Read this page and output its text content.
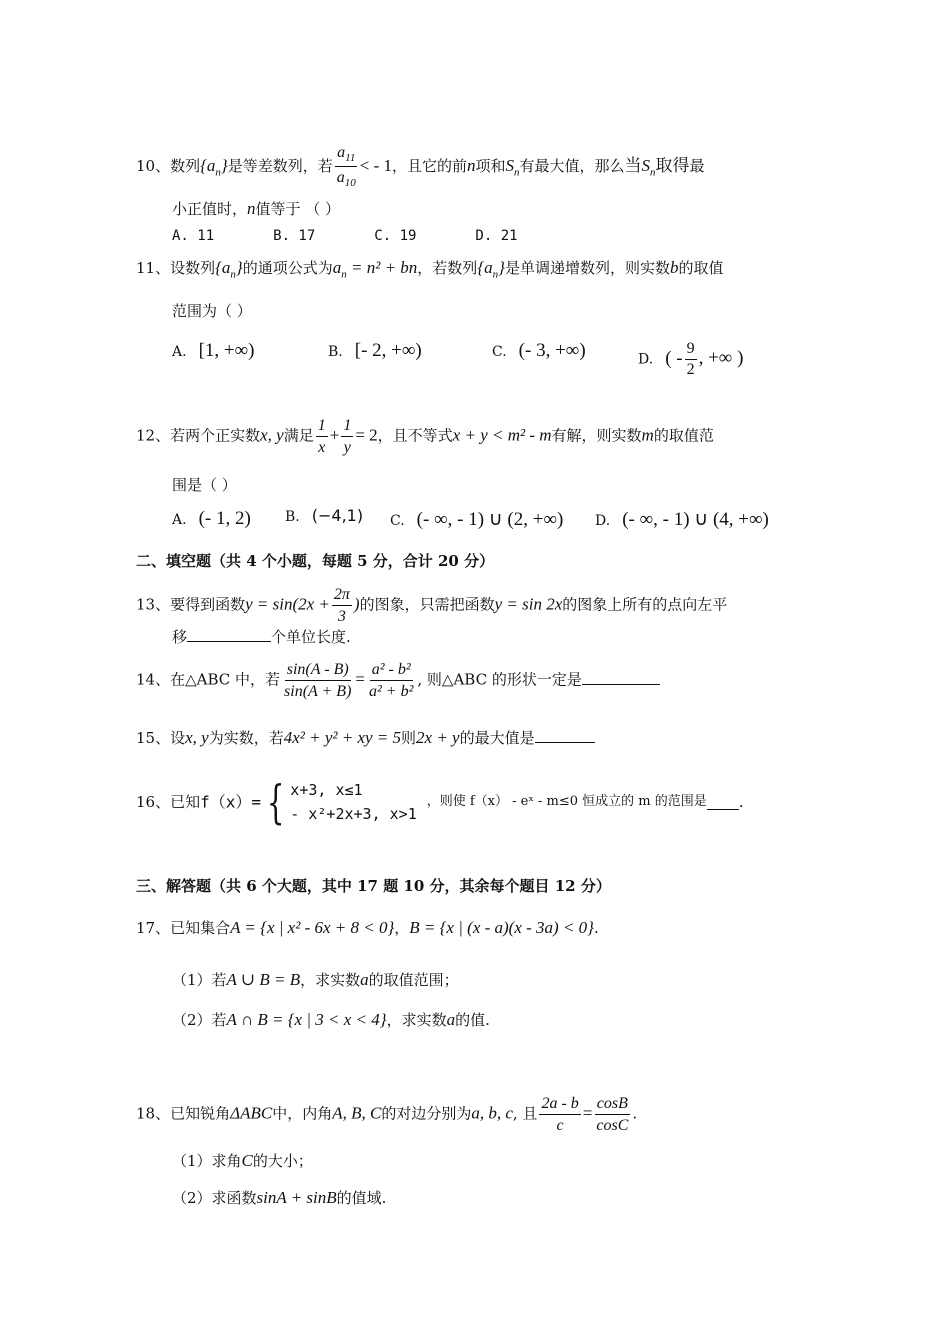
10、数列$\{a_n\}$是等差数列，若 $\frac{a_{11}}{a_{10}}$ < - 1，且它的前n项和$S_n$有最大值，那么当$S_n$取得最
小正值时，n值等于 （ ）
A. 11       B. 17       C. 19       D. 21
11、设数列$\{a_n\}$的通项公式为$a_n = n^2$ + bn，若数列$\{a_n\}$是单调递增数列，则实数b的取值
范围为（ ）
A. [1, +∞)	B. [- 2, +∞)	C. (- 3, +∞)	D. ( - $\frac{9}{2}$ , +∞ )
12、若两个正实数x, y满足 $\frac{1}{x} + \frac{1}{y} = 2$，且不等式x + y < m² - m有解，则实数m的取值范
围是（ ）
A. (- 1, 2) B. (−4,1) C. (- ∞, - 1) ∪ (2, +∞) D. (- ∞, - 1) ∪ (4, +∞)
二、填空题（共 4 个小题，每题 5 分，合计 20 分）
13、要得到函数$y = \sin(2x + \frac{2\pi}{3}$ )的图象，只需把函数y = sin 2x的图象上所有的点向左平
移	个单位长度.
14、在△ABC 中，若 $\frac{\sin(A - B)}{\sin(A + B)} = \frac{\text{a² - b²}}{\text{a² + b²}}$ , 则△ABC 的形状一定是
15、设x, y为实数，若4x² + y² + xy = 5则2x + y的最大值是
16、已知f（x）= { x+3, x≤1
- x²+2x+3, x>1
，则使 f（x） - eˣ - m≤0 恒成立的 m 的范围是 .
三、解答题（共 6 个大题，其中 17 题 10 分，其余每个题目 12 分）
17、已知集合A = {x | x² - 6x + 8 < 0}，B = {x | (x - a)(x - 3a) < 0}.
（1）若A ∪ B = B，求实数a的取值范围；
（2）若A ∩ B = {x | 3 < x < 4}，求实数a的值.
18、已知锐角ΔABC中，内角A, B, C的对边分别为a, b, c, 且 $\frac{2a - b}{c} = \frac{\cos B}{\cos C}$ .
（1）求角C的大小；
（2）求函数sinA + sinB的值域.
